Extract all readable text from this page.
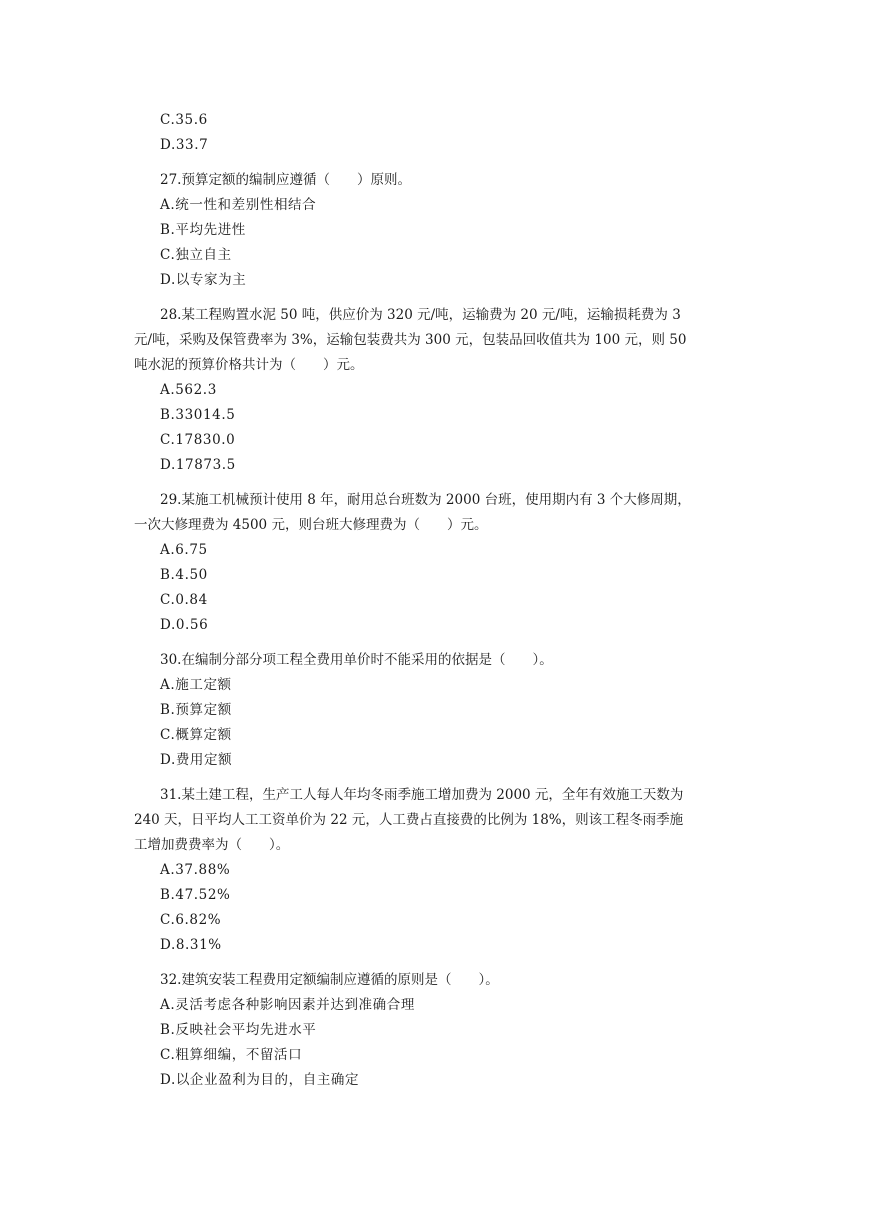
C.35.6
D.33.7
27.预算定额的编制应遵循（　　）原则。
A.统一性和差别性相结合
B.平均先进性
C.独立自主
D.以专家为主
28.某工程购置水泥 50 吨，供应价为 320 元/吨，运输费为 20 元/吨，运输损耗费为 3
元/吨，采购及保管费率为 3%，运输包装费共为 300 元，包装品回收值共为 100 元，则 50
吨水泥的预算价格共计为（　　）元。
A.562.3
B.33014.5
C.17830.0
D.17873.5
29.某施工机械预计使用 8 年，耐用总台班数为 2000 台班，使用期内有 3 个大修周期，
一次大修理费为 4500 元，则台班大修理费为（　　）元。
A.6.75
B.4.50
C.0.84
D.0.56
30.在编制分部分项工程全费用单价时不能采用的依据是（　　）。
A.施工定额
B.预算定额
C.概算定额
D.费用定额
31.某土建工程，生产工人每人年均冬雨季施工增加费为 2000 元，全年有效施工天数为
240 天，日平均人工工资单价为 22 元，人工费占直接费的比例为 18%，则该工程冬雨季施
工增加费费率为（　　）。
A.37.88%
B.47.52%
C.6.82%
D.8.31%
32.建筑安装工程费用定额编制应遵循的原则是（　　）。
A.灵活考虑各种影响因素并达到准确合理
B.反映社会平均先进水平
C.粗算细编，不留活口
D.以企业盈利为目的，自主确定
